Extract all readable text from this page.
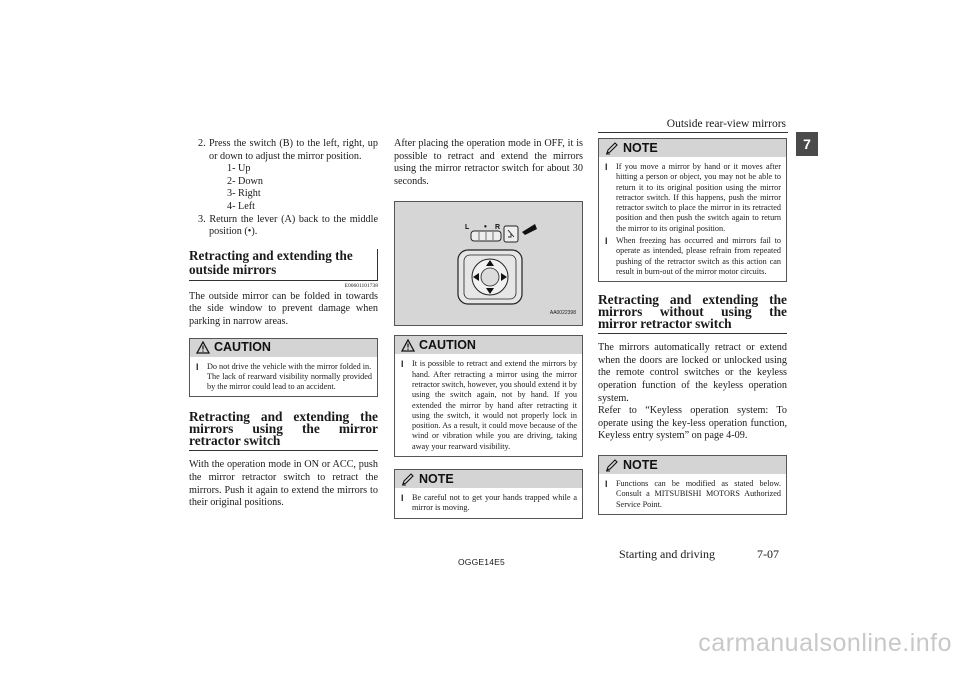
Outside rear-view mirrors
7

2. Press the switch (B) to the left, right, up or down to adjust the mirror position.

1- Up
2- Down
3- Right
4- Left

3. Return the lever (A) back to the middle position (•).

Retracting and extending the outside mirrors
E00601101738

The outside mirror can be folded in towards the side window to prevent damage when parking in narrow areas.

CAUTION
l	Do not drive the vehicle with the mirror folded in.
The lack of rearward visibility normally provided by the mirror could lead to an accident.
Retracting and extending the mirrors using the mirror retractor switch

With the operation mode in ON or ACC, push the mirror retractor switch to retract the mirrors. Push it again to extend the mirrors to their original positions.

After placing the operation mode in OFF, it is possible to retract and extend the mirrors using the mirror retractor switch for about 30 seconds.

L • R
AA0022398
CAUTION
l	It is possible to retract and extend the mirrors by hand. After retracting a mirror using the mirror retractor switch, however, you should extend it by using the switch again, not by hand. If you extended the mirror by hand after retracting it using the switch, it would not properly lock in position. As a result, it could move because of the wind or vibration while you are driving, taking away your rearward visibility.
NOTE
l	Be careful not to get your hands trapped while a mirror is moving.
NOTE
l	If you move a mirror by hand or it moves after hitting a person or object, you may not be able to return it to its original position using the mirror retractor switch. If this happens, push the mirror retractor switch to place the mirror in its retracted position and then push the switch again to return the mirror to its original position.
l	When freezing has occurred and mirrors fail to operate as intended, please refrain from repeated pushing of the retractor switch as this action can result in burn-out of the mirror motor circuits.
Retracting and extending the mirrors without using the mirror retractor switch

The mirrors automatically retract or extend when the doors are locked or unlocked using the remote control switches or the keyless operation function of the keyless operation system.

Refer to “Keyless operation system: To operate using the key-less operation function, Keyless entry system” on page 4-09.

NOTE
l	Functions can be modified as stated below. Consult a MITSUBISHI MOTORS Authorized Service Point.
OGGE14E5
Starting and driving	7-07
carmanualsonline.info
